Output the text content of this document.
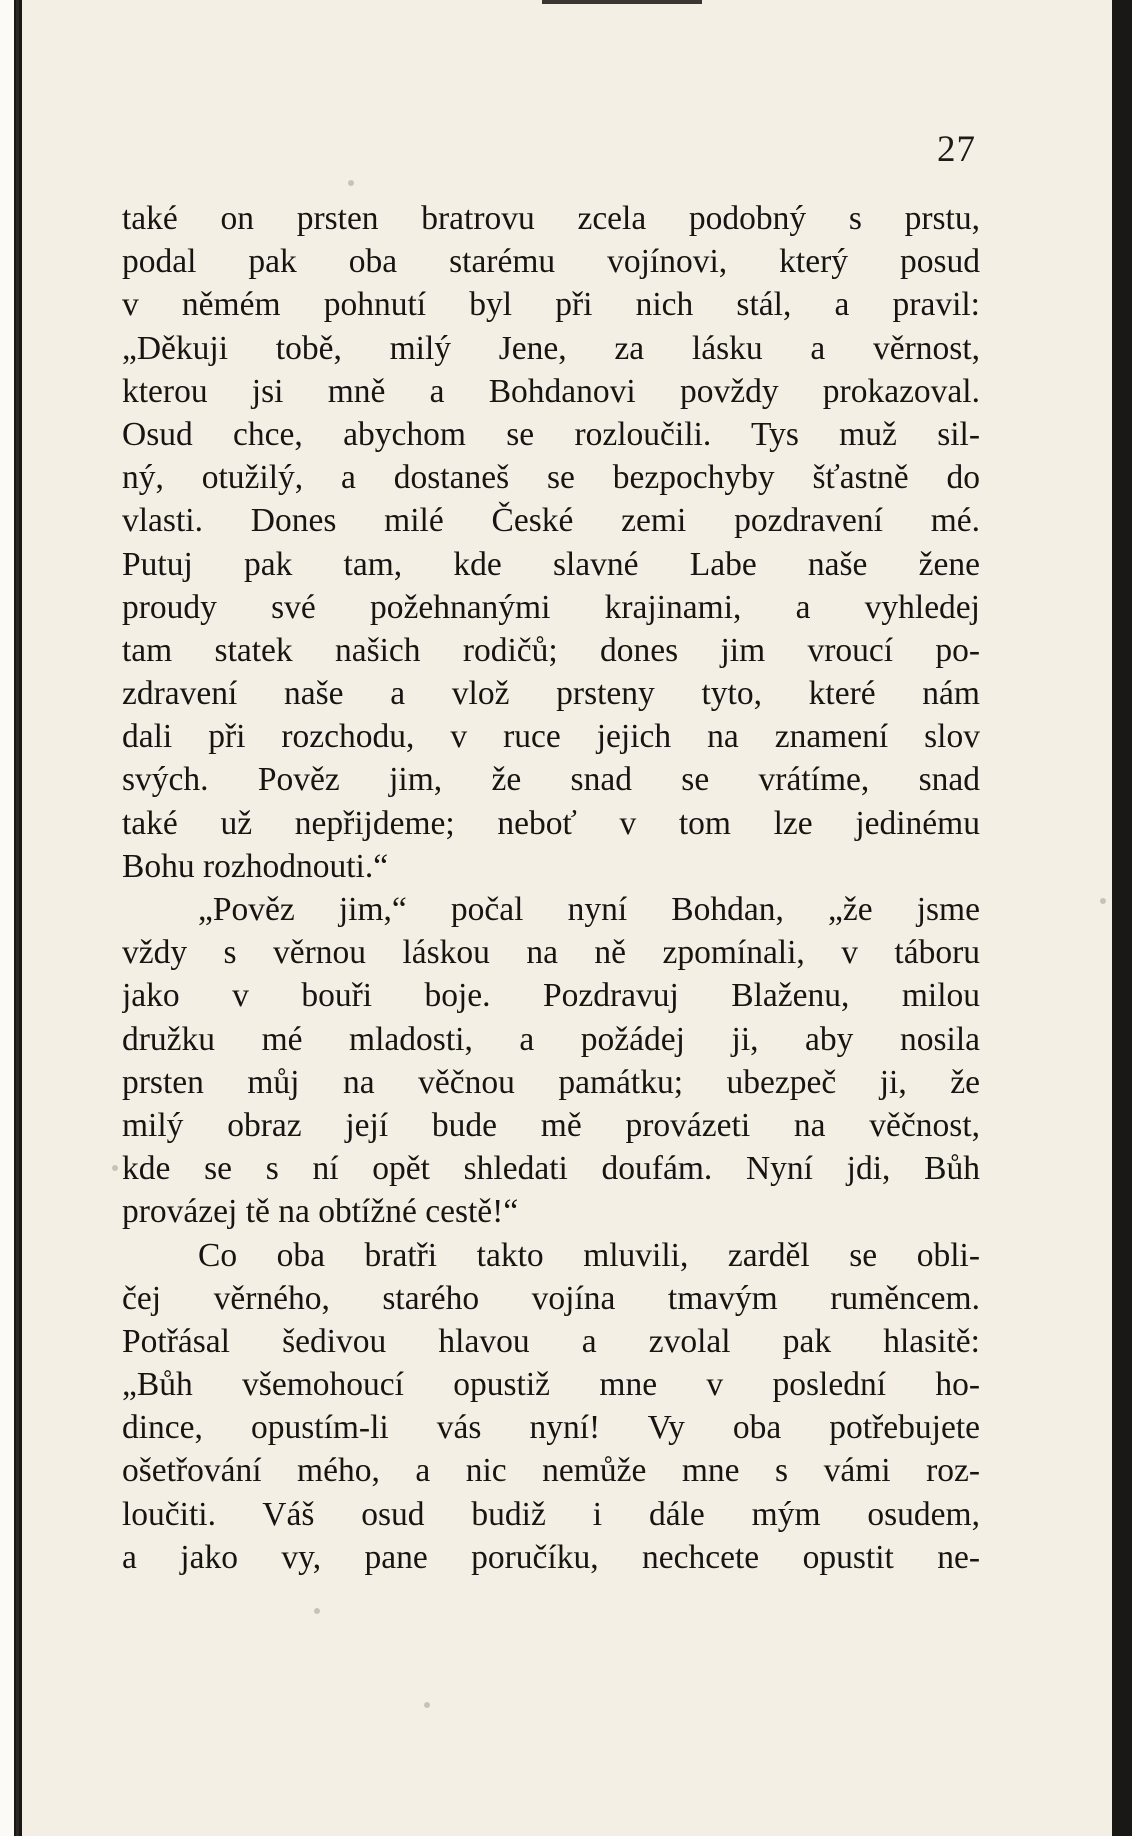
27
také on prsten bratrovu zcela podobný s prstu,
podal pak oba starému vojínovi, který posud
v němém pohnutí byl při nich stál, a pravil:
„Děkuji tobě, milý Jene, za lásku a věrnost,
kterou jsi mně a Bohdanovi povždy prokazoval.
Osud chce, abychom se rozloučili. Tys muž sil-
ný, otužilý, a dostaneš se bezpochyby šťastně do
vlasti. Dones milé České zemi pozdravení mé.
Putuj pak tam, kde slavné Labe naše žene
proudy své požehnanými krajinami, a vyhledej
tam statek našich rodičů; dones jim vroucí po-
zdravení naše a vlož prsteny tyto, které nám
dali při rozchodu, v ruce jejich na znamení slov
svých. Pověz jim, že snad se vrátíme, snad
také už nepřijdeme; neboť v tom lze jedinému
Bohu rozhodnouti.“
„Pověz jim,“ počal nyní Bohdan, „že jsme
vždy s věrnou láskou na ně zpomínali, v táboru
jako v bouři boje. Pozdravuj Blaženu, milou
družku mé mladosti, a požádej ji, aby nosila
prsten můj na věčnou památku; ubezpeč ji, že
milý obraz její bude mě provázeti na věčnost,
kde se s ní opět shledati doufám. Nyní jdi, Bůh
provázej tě na obtížné cestě!“
Co oba bratři takto mluvili, zarděl se obli-
čej věrného, starého vojína tmavým ruměncem.
Potřásal šedivou hlavou a zvolal pak hlasitě:
„Bůh všemohoucí opustiž mne v poslední ho-
dince, opustím-li vás nyní! Vy oba potřebujete
ošetřování mého, a nic nemůže mne s vámi roz-
loučiti. Váš osud budiž i dále mým osudem,
a jako vy, pane poručíku, nechcete opustit ne-
